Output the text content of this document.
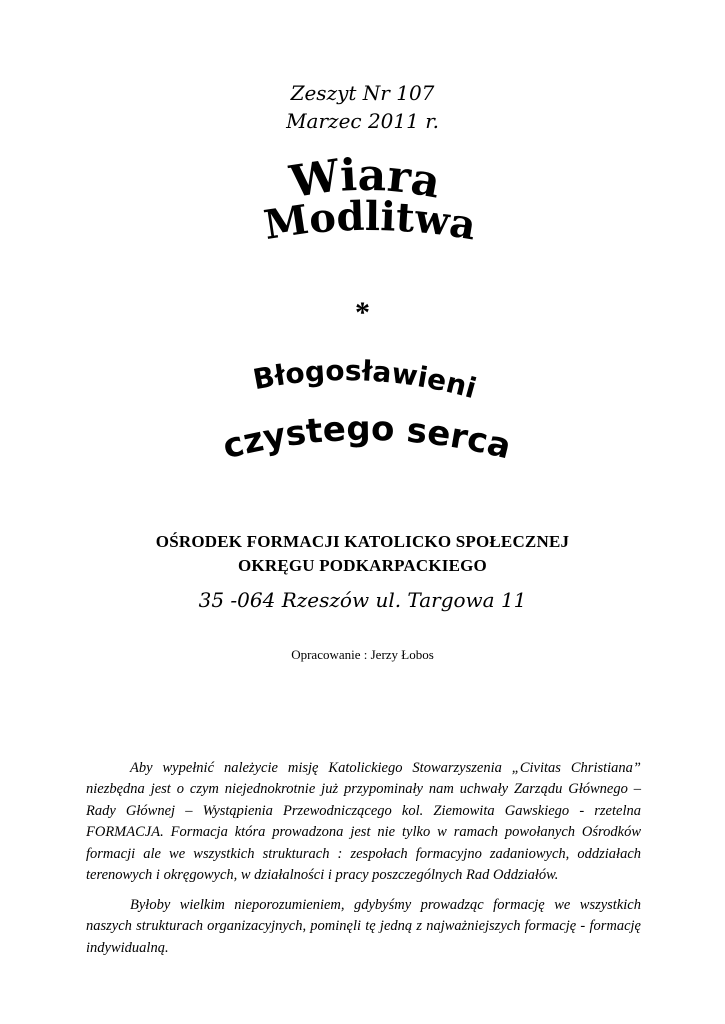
Zeszyt Nr 107
Marzec 2011 r.
Wiara
Modlitwa
*
Błogosławieni
czystego serca
OŚRODEK FORMACJI KATOLICKO SPOŁECZNEJ
OKRĘGU PODKARPACKIEGO
35 -064 Rzeszów ul. Targowa 11
Opracowanie : Jerzy Łobos

Aby wypełnić należycie misję Katolickiego Stowarzyszenia „Civitas Christiana” niezbędna jest o czym niejednokrotnie już przypominały nam uchwały Zarządu Głównego – Rady Głównej – Wystąpienia Przewodniczącego kol. Ziemowita Gawskiego - rzetelna FORMACJA. Formacja która prowadzona jest nie tylko w ramach powołanych Ośrodków formacji ale we wszystkich strukturach : zespołach formacyjno zadaniowych, oddziałach terenowych i okręgowych, w działalności i pracy poszczególnych Rad Oddziałów.

Byłoby wielkim nieporozumieniem, gdybyśmy prowadząc formację we wszystkich naszych strukturach organizacyjnych, pominęli tę jedną z najważniejszych formację - formację indywidualną.
